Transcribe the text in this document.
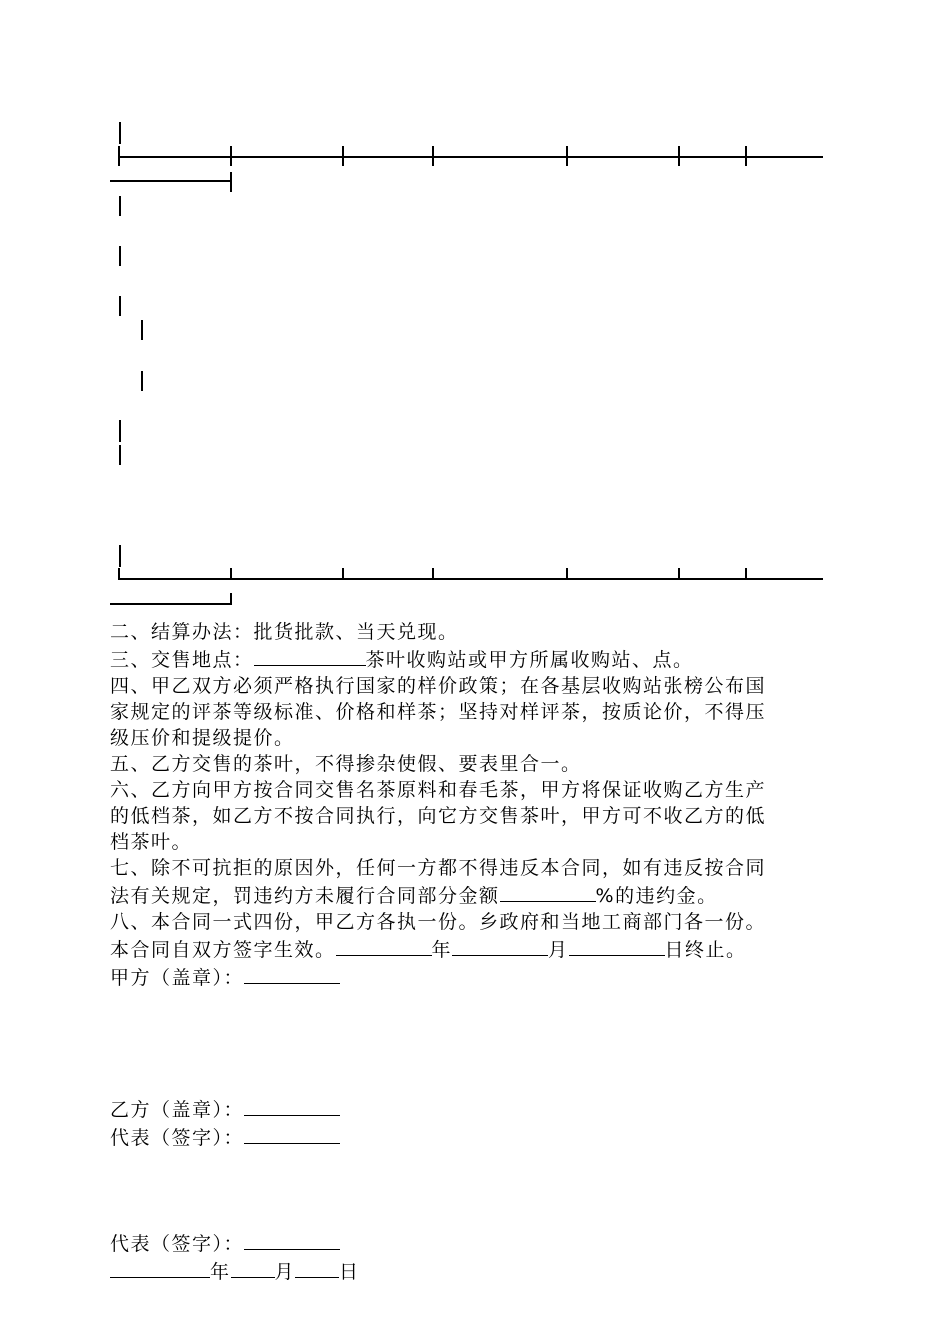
二、结算办法：批货批款、当天兑现。
三、交售地点：	茶叶收购站或甲方所属收购站、点。
四、甲乙双方必须严格执行国家的样价政策；在各基层收购站张榜公布国
家规定的评茶等级标准、价格和样茶；坚持对样评茶，按质论价，不得压
级压价和提级提价。
五、乙方交售的茶叶，不得掺杂使假、要表里合一。
六、乙方向甲方按合同交售名茶原料和春毛茶，甲方将保证收购乙方生产
的低档茶，如乙方不按合同执行，向它方交售茶叶，甲方可不收乙方的低
档茶叶。
七、除不可抗拒的原因外，任何一方都不得违反本合同，如有违反按合同
法有关规定，罚违约方未履行合同部分金额	%的违约金。
八、本合同一式四份，甲乙方各执一份。乡政府和当地工商部门各一份。
本合同自双方签字生效。	年	月	日终止。
甲方（盖章）：
乙方（盖章）：
代表（签字）：
代表（签字）：
年 月 日
